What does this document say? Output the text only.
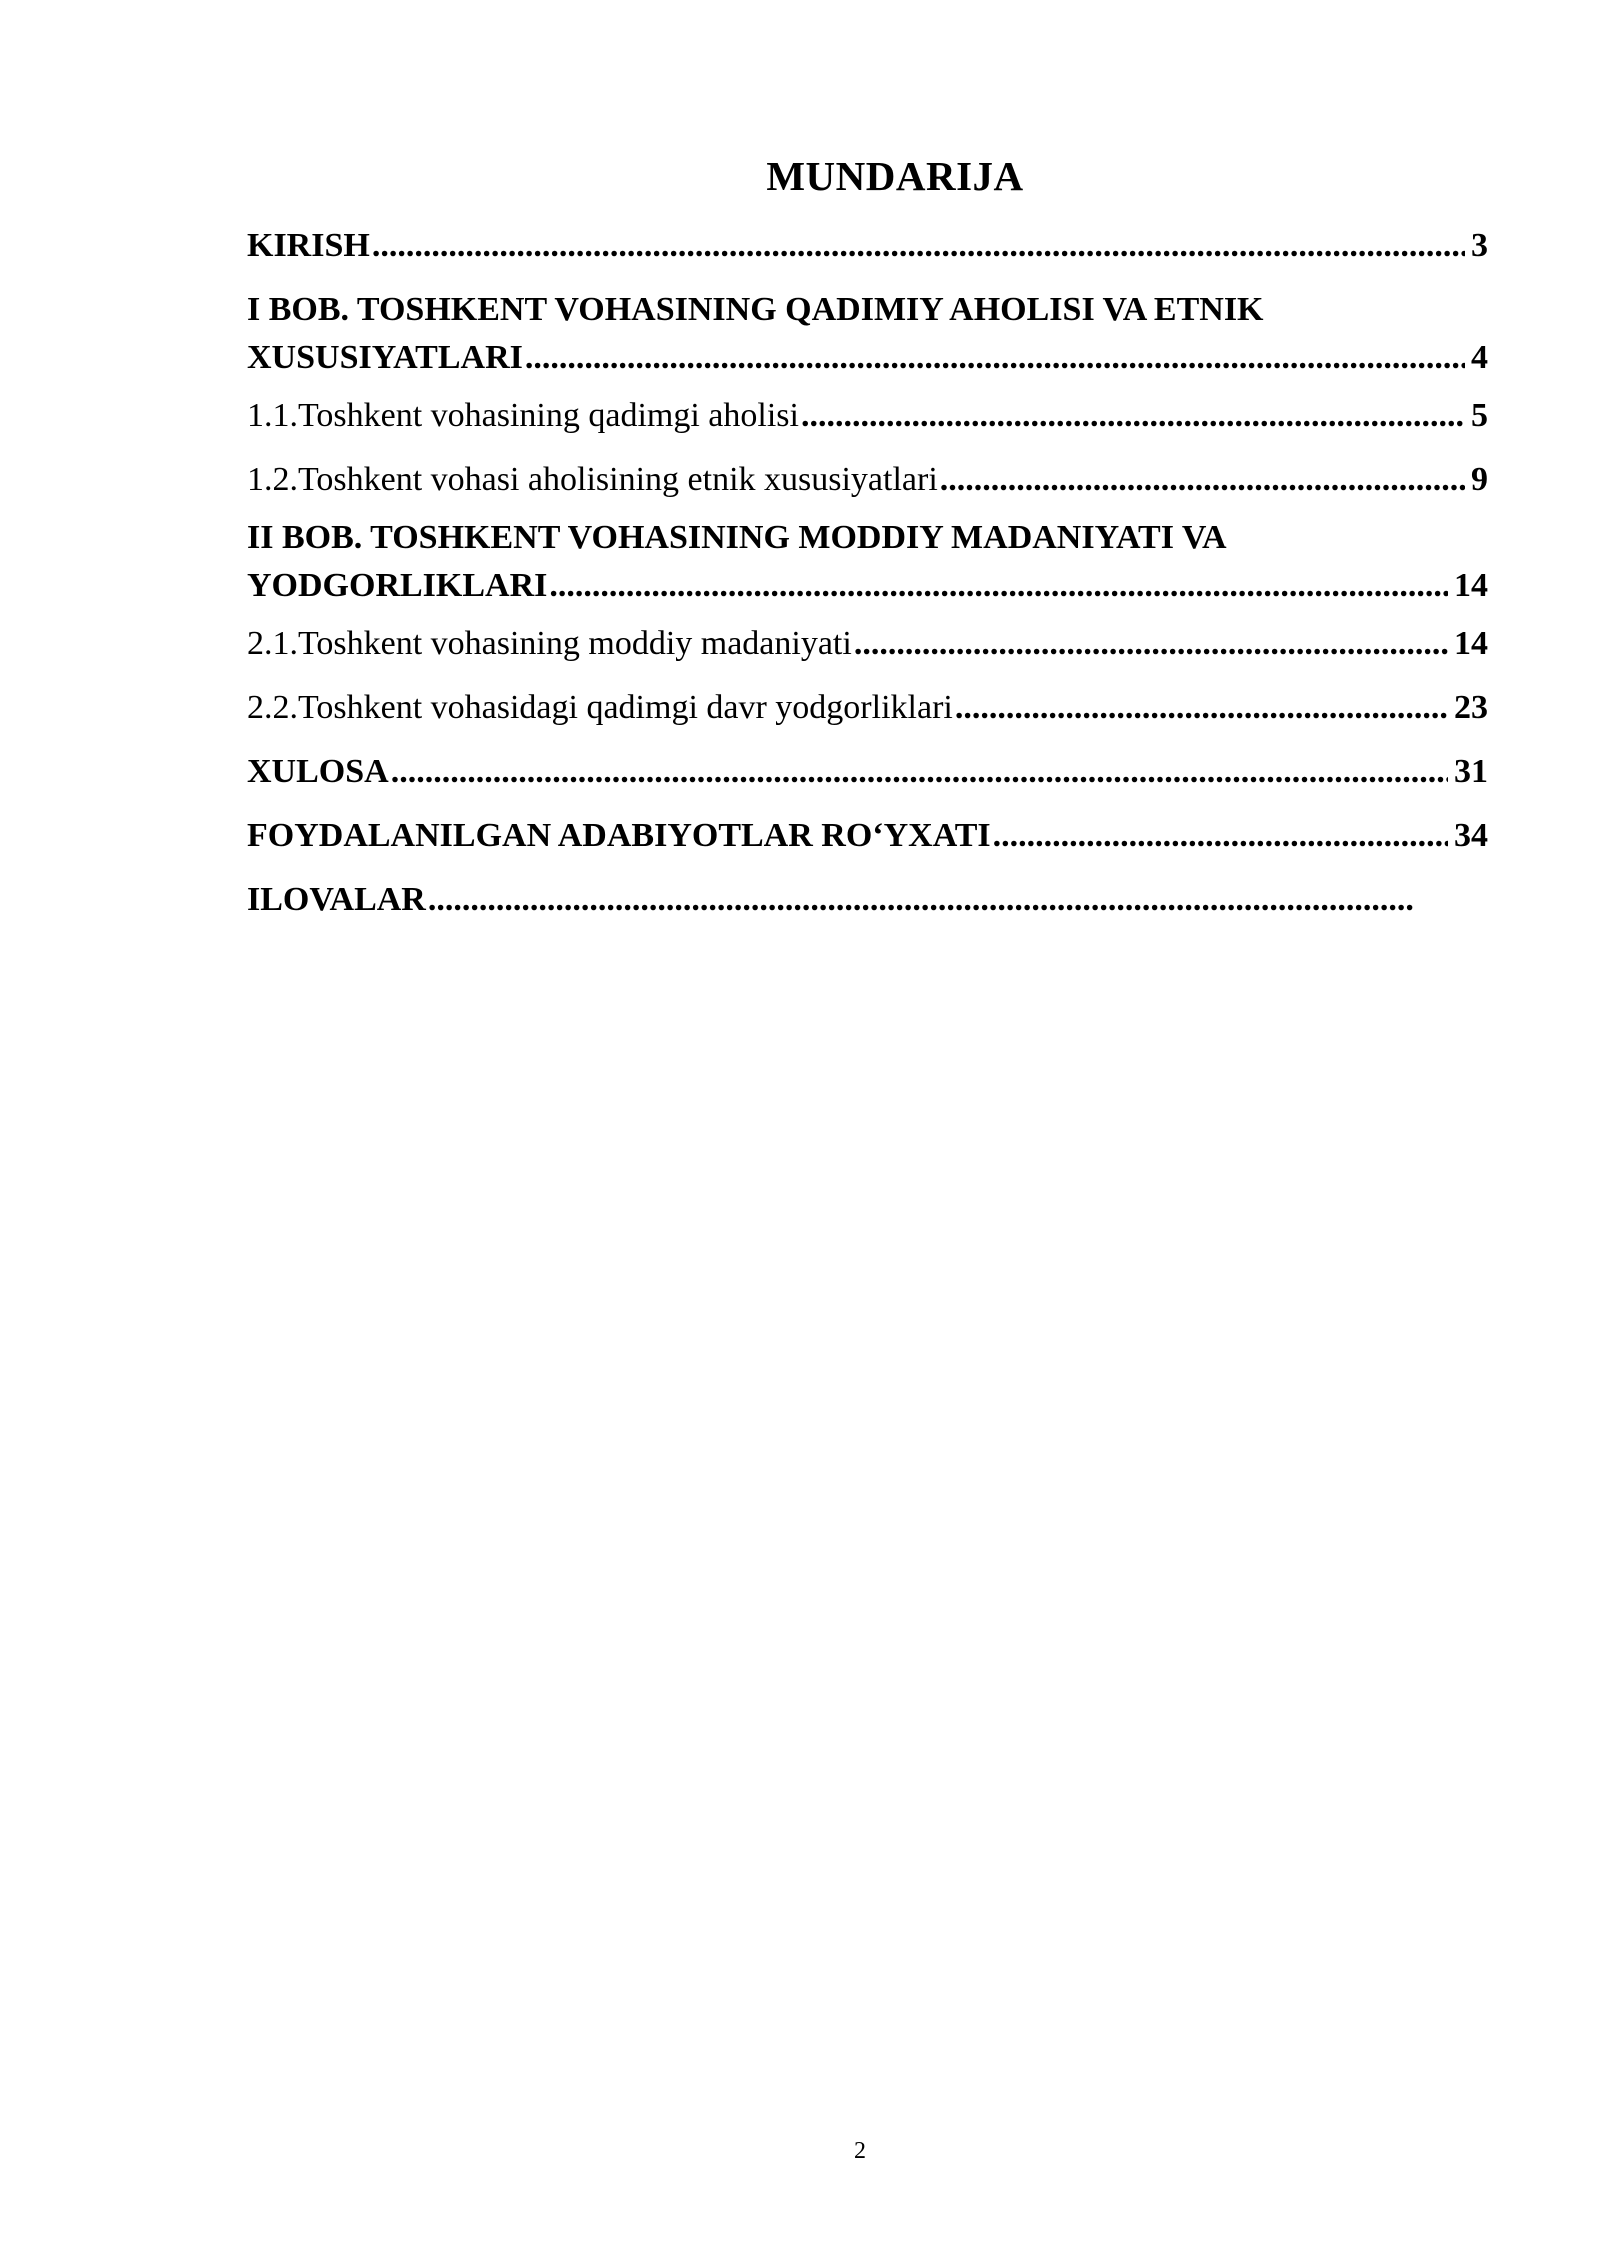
MUNDARIJA
KIRISH .....	3
I BOB. TOSHKENT VOHASINING QADIMIY AHOLISI VA ETNIK
XUSUSIYATLARI .....	4
1.1.Toshkent vohasining qadimgi aholisi .....	5
1.2.Toshkent vohasi aholisining etnik xususiyatlari .....	9
II BOB. TOSHKENT VOHASINING MODDIY MADANIYATI VA
YODGORLIKLARI .....	14
2.1.Toshkent vohasining moddiy madaniyati .....	14
2.2.Toshkent vohasidagi qadimgi davr yodgorliklari .....	23
XULOSA .....	31
FOYDALANILGAN ADABIYOTLAR RO‘YXATI .....	34
ILOVALAR
.....
2
